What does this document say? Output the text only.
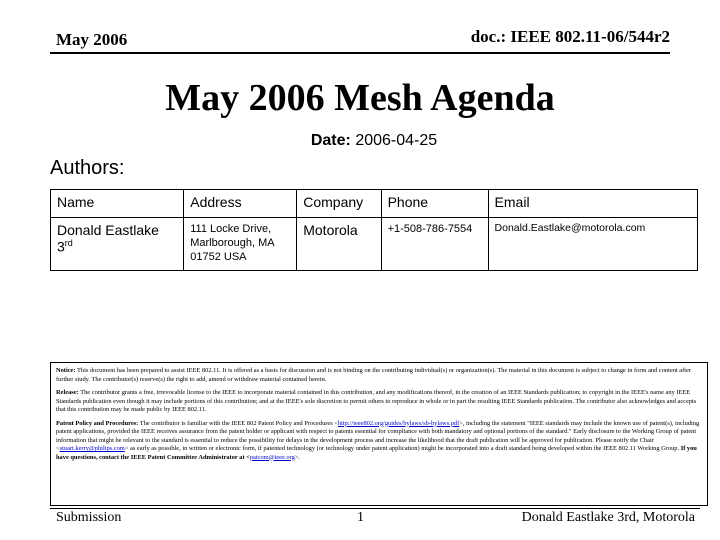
May 2006	doc.: IEEE 802.11-06/544r2
May 2006 Mesh Agenda
Date: 2006-04-25
Authors:
Name	Address	Company	Phone	Email
Donald Eastlake 3rd	111 Locke Drive, Marlborough, MA 01752 USA	Motorola	+1-508-786-7554	Donald.Eastlake@motorola.com

Notice: This document has been prepared to assist IEEE 802.11. It is offered as a basis for discussion and is not binding on the contributing individual(s) or organization(s). The material in this document is subject to change in form and content after further study. The contributor(s) reserve(s) the right to add, amend or withdraw material contained herein.

Release: The contributor grants a free, irrevocable license to the IEEE to incorporate material contained in this contribution, and any modifications thereof, in the creation of an IEEE Standards publication; to copyright in the IEEE's name any IEEE Standards publication even though it may include portions of this contribution; and at the IEEE's sole discretion to permit others to reproduce in whole or in part the resulting IEEE Standards publication. The contributor also acknowledges and accepts that this contribution may be made public by IEEE 802.11.

Patent Policy and Procedures: The contributor is familiar with the IEEE 802 Patent Policy and Procedures <http://ieee802.org/guides/bylaws/sb-bylaws.pdf>, including the statement "IEEE standards may include the known use of patent(s), including patent applications, provided the IEEE receives assurance from the patent holder or applicant with respect to patents essential for compliance with both mandatory and optional portions of the standard." Early disclosure to the Working Group of patent information that might be relevant to the standard is essential to reduce the possibility for delays in the development process and increase the likelihood that the draft publication will be approved for publication. Please notify the Chair <stuart.kerry@philips.com> as early as possible, in written or electronic form, if patented technology (or technology under patent application) might be incorporated into a draft standard being developed within the IEEE 802.11 Working Group. If you have questions, contact the IEEE Patent Committee Administrator at <patcom@ieee.org>.

Submission	1	Donald Eastlake 3rd, Motorola
